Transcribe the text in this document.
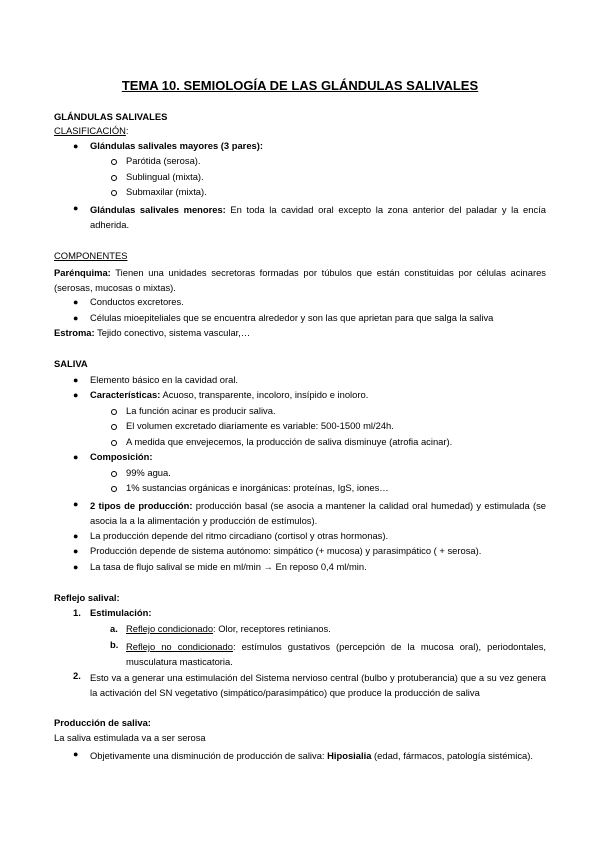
TEMA 10. SEMIOLOGÍA DE LAS GLÁNDULAS SALIVALES
GLÁNDULAS SALIVALES
CLASIFICACIÓN:
● Glándulas salivales mayores (3 pares):
Parótida (serosa).
Sublingual (mixta).
Submaxilar (mixta).
● Glándulas salivales menores: En toda la cavidad oral excepto la zona anterior del paladar y la encía adherida.
COMPONENTES
Parénquima: Tienen una unidades secretoras formadas por túbulos que están constituidas por células acinares (serosas, mucosas o mixtas).
● Conductos excretores.
● Células mioepiteliales que se encuentra alrededor y son las que aprietan para que salga la saliva
Estroma: Tejido conectivo, sistema vascular,…
SALIVA
● Elemento básico en la cavidad oral.
● Características: Acuoso, transparente, incoloro, insípido e inoloro.
La función acinar es producir saliva.
El volumen excretado diariamente es variable: 500-1500 ml/24h.
A medida que envejecemos, la producción de saliva disminuye (atrofia acinar).
● Composición:
99% agua.
1% sustancias orgánicas e inorgánicas: proteínas, IgS, iones…
● 2 tipos de producción: producción basal (se asocia a mantener la calidad oral humedad) y estimulada (se asocia la a la alimentación y producción de estímulos).
● La producción depende del ritmo circadiano (cortisol y otras hormonas).
● Producción depende de sistema autónomo: simpático (+ mucosa) y parasimpático ( + serosa).
● La tasa de flujo salival se mide en ml/min → En reposo 0,4 ml/min.
Reflejo salival:
1. Estimulación:
a. Reflejo condicionado: Olor, receptores retinianos.
b. Reflejo no condicionado: estímulos gustativos (percepción de la mucosa oral), periodontales, musculatura masticatoria.
2. Esto va a generar una estimulación del Sistema nervioso central (bulbo y protuberancia) que a su vez genera la activación del SN vegetativo (simpático/parasimpático) que produce la producción de saliva
Producción de saliva:
La saliva estimulada va a ser serosa
● Objetivamente una disminución de producción de saliva: Hiposialia (edad, fármacos, patología sistémica).
